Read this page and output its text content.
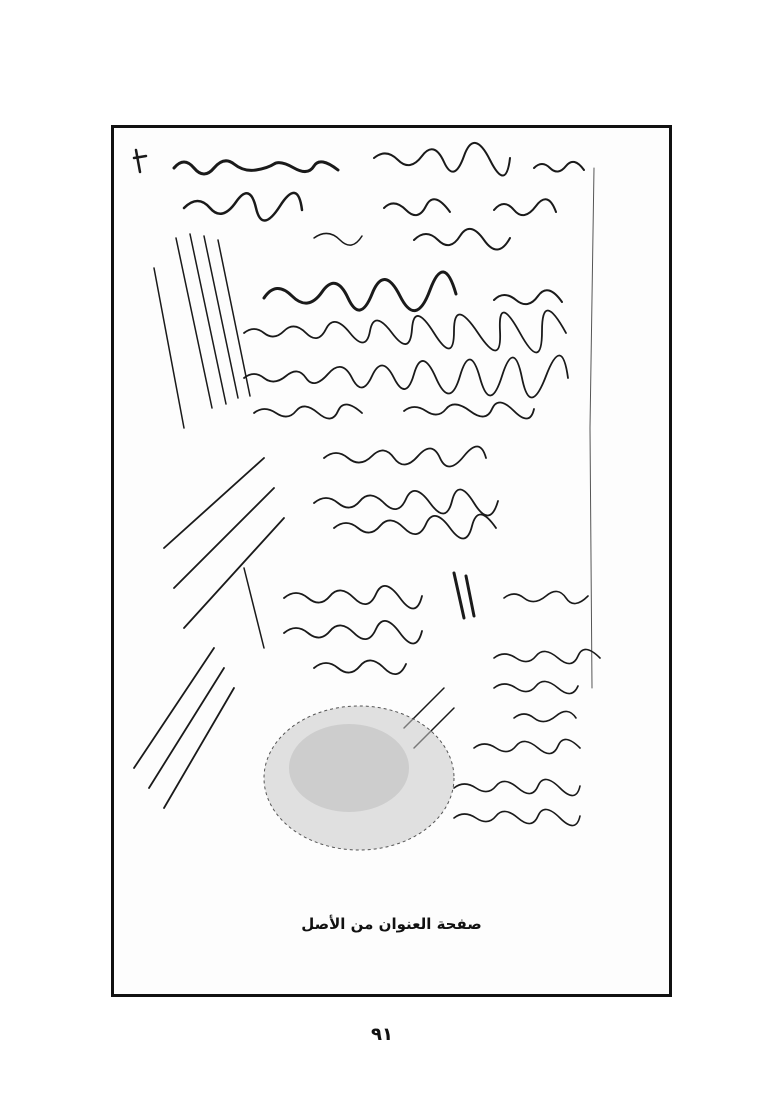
صفحة العنوان من الأصل
٩١
